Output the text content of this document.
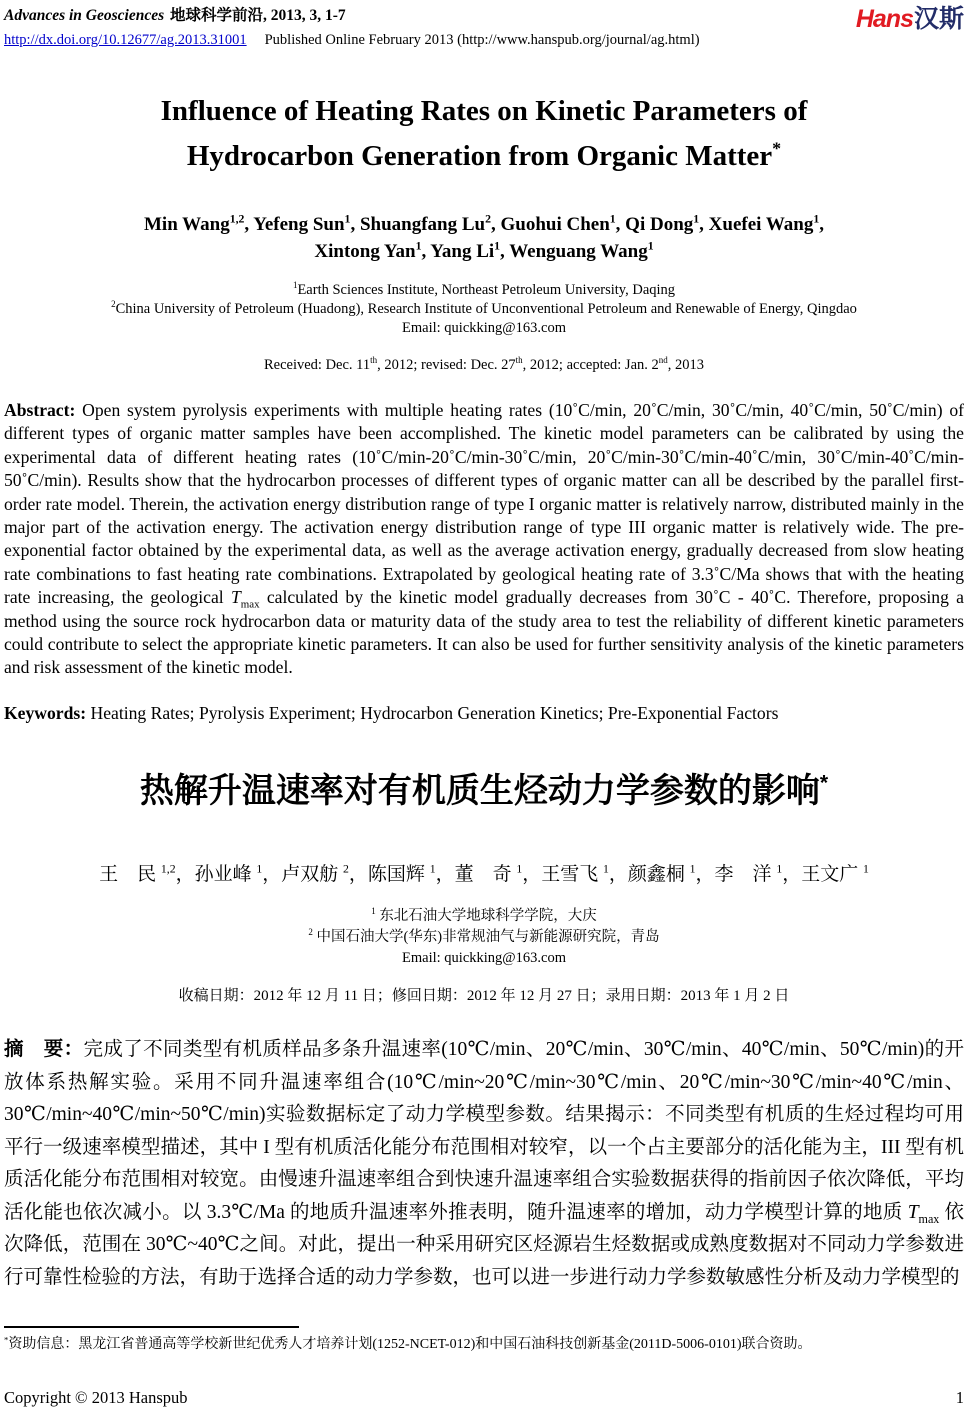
Advances in Geosciences 地球科学前沿, 2013, 3, 1-7
http://dx.doi.org/10.12677/ag.2013.31001 Published Online February 2013 (http://www.hanspub.org/journal/ag.html)
Hans汉斯
Influence of Heating Rates on Kinetic Parameters of
Hydrocarbon Generation from Organic Matter*
Min Wang$^{1,2}$, Yefeng Sun$^1$, Shuangfang Lu$^2$, Guohui Chen$^1$, Qi Dong$^1$, Xuefei Wang$^1$,
Xintong Yan$^1$, Yang Li$^1$, Wenguang Wang$^1$
$^1$Earth Sciences Institute, Northeast Petroleum University, Daqing
$^2$China University of Petroleum (Huadong), Research Institute of Unconventional Petroleum and Renewable of Energy, Qingdao
Email: quickking@163.com
Received: Dec. 11th, 2012; revised: Dec. 27th, 2012; accepted: Jan. 2nd, 2013
Abstract: Open system pyrolysis experiments with multiple heating rates (10˚C/min, 20˚C/min, 30˚C/min, 40˚C/min, 50˚C/min) of different types of organic matter samples have been accomplished. The kinetic model parameters can be calibrated by using the experimental data of different heating rates (10˚C/min-20˚C/min-30˚C/min, 20˚C/min-30˚C/min-40˚C/min, 30˚C/min-40˚C/min-50˚C/min). Results show that the hydrocarbon processes of different types of organic matter can all be described by the parallel first-order rate model. Therein, the activation energy distribution range of type I organic matter is relatively narrow, distributed mainly in the major part of the activation energy. The activation energy distribution range of type III organic matter is relatively wide. The pre-exponential factor obtained by the experimental data, as well as the average activation energy, gradually decreased from slow heating rate combinations to fast heating rate combinations. Extrapolated by geological heating rate of 3.3˚C/Ma shows that with the heating rate increasing, the geological $T_{max}$ calculated by the kinetic model gradually decreases from 30˚C - 40˚C. Therefore, proposing a method using the source rock hydrocarbon data or maturity data of the study area to test the reliability of different kinetic parameters could contribute to select the appropriate kinetic parameters. It can also be used for further sensitivity analysis of the kinetic parameters and risk assessment of the kinetic model.
Keywords: Heating Rates; Pyrolysis Experiment; Hydrocarbon Generation Kinetics; Pre-Exponential Factors
热解升温速率对有机质生烃动力学参数的影响*
王　民 $^{1,2}$，孙业峰 $^1$，卢双舫 $^2$，陈国辉 $^1$，董　奇 $^1$，王雪飞 $^1$，颜鑫桐 $^1$，李　洋 $^1$，王文广 $^1$
$^1$ 东北石油大学地球科学学院，大庆
$^2$ 中国石油大学(华东)非常规油气与新能源研究院，青岛
Email: quickking@163.com
收稿日期：2012 年 12 月 11 日；修回日期：2012 年 12 月 27 日；录用日期：2013 年 1 月 2 日
摘　要：完成了不同类型有机质样品多条升温速率(10℃/min、20℃/min、30℃/min、40℃/min、50℃/min)的开放体系热解实验。采用不同升温速率组合(10℃/min~20℃/min~30℃/min、20℃/min~30℃/min~40℃/min、30℃/min~40℃/min~50℃/min)实验数据标定了动力学模型参数。结果揭示：不同类型有机质的生烃过程均可用平行一级速率模型描述，其中 I 型有机质活化能分布范围相对较窄，以一个占主要部分的活化能为主，III 型有机质活化能分布范围相对较宽。由慢速升温速率组合到快速升温速率组合实验数据获得的指前因子依次降低，平均活化能也依次减小。以 3.3℃/Ma 的地质升温速率外推表明，随升温速率的增加，动力学模型计算的地质 $T_{max}$ 依次降低，范围在 30℃~40℃之间。对此，提出一种采用研究区烃源岩生烃数据或成熟度数据对不同动力学参数进行可靠性检验的方法，有助于选择合适的动力学参数，也可以进一步进行动力学参数敏感性分析及动力学模型的
*资助信息：黑龙江省普通高等学校新世纪优秀人才培养计划(1252-NCET-012)和中国石油科技创新基金(2011D-5006-0101)联合资助。
Copyright © 2013 Hanspub	1
